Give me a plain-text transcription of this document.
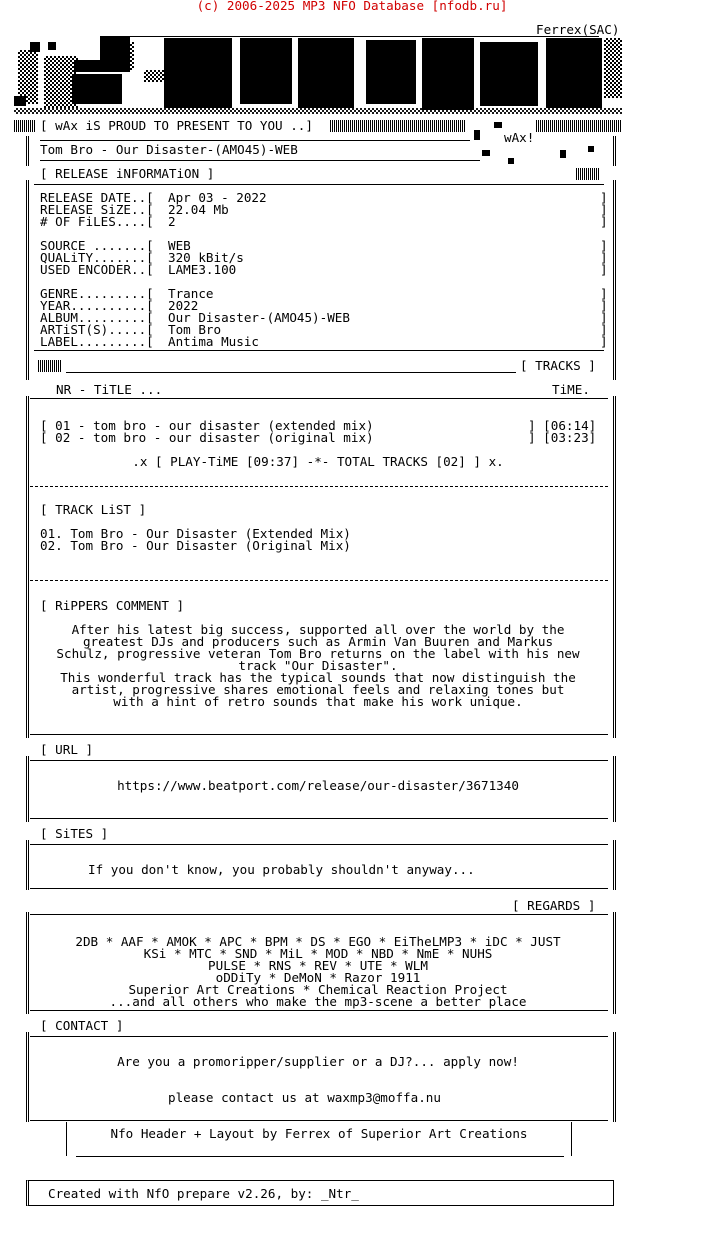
(c) 2006-2025 MP3 NFO Database [nfodb.ru]
Ferrex(SAC)
[ wAx iS PROUD TO PRESENT TO YOU ..]
wAx!
Tom Bro - Our Disaster-(AMO45)-WEB
[ RELEASE iNFORMATiON ]
RELEASE DATE..[ Apr 03 - 2022
RELEASE SiZE..[ 22.04 Mb
# OF FiLES....[ 2
SOURCE .......[ WEB
QUALiTY.......[ 320 kBit/s
USED ENCODER..[ LAME3.100
GENRE.........[ Trance
YEAR..........[ 2022
ALBUM.........[ Our Disaster-(AMO45)-WEB
ARTiST(S).....[ Tom Bro
LABEL.........[ Antima Music
]
]
]
]
]
]
]
]
]
]
]
[ TRACKS ]
NR - TiTLE ...	TiME.
[ 01 - tom bro - our disaster (extended mix)	] [06:14]
[ 02 - tom bro - our disaster (original mix)	] [03:23]
.x [ PLAY-TiME [09:37] -*- TOTAL TRACKS [02] ] x.
[ TRACK LiST ]
01. Tom Bro - Our Disaster (Extended Mix)
02. Tom Bro - Our Disaster (Original Mix)
[ RiPPERS COMMENT ]
After his latest big success, supported all over the world by the
greatest DJs and producers such as Armin Van Buuren and Markus
Schulz, progressive veteran Tom Bro returns on the label with his new
track "Our Disaster".
This wonderful track has the typical sounds that now distinguish the
artist, progressive shares emotional feels and relaxing tones but
with a hint of retro sounds that make his work unique.
[ URL ]
https://www.beatport.com/release/our-disaster/3671340
[ SiTES ]
If you don't know, you probably shouldn't anyway...
[ REGARDS ]
2DB * AAF * AMOK * APC * BPM * DS * EGO * EiTheLMP3 * iDC * JUST
KSi * MTC * SND * MiL * MOD * NBD * NmE * NUHS
PULSE * RNS * REV * UTE * WLM
oDDiTy * DeMoN * Razor 1911
Superior Art Creations * Chemical Reaction Project
...and all others who make the mp3-scene a better place
[ CONTACT ]
Are you a promoripper/supplier or a DJ?... apply now!
please contact us at waxmp3@moffa.nu
Nfo Header + Layout by Ferrex of Superior Art Creations
Created with NfO prepare v2.26, by: _Ntr_
